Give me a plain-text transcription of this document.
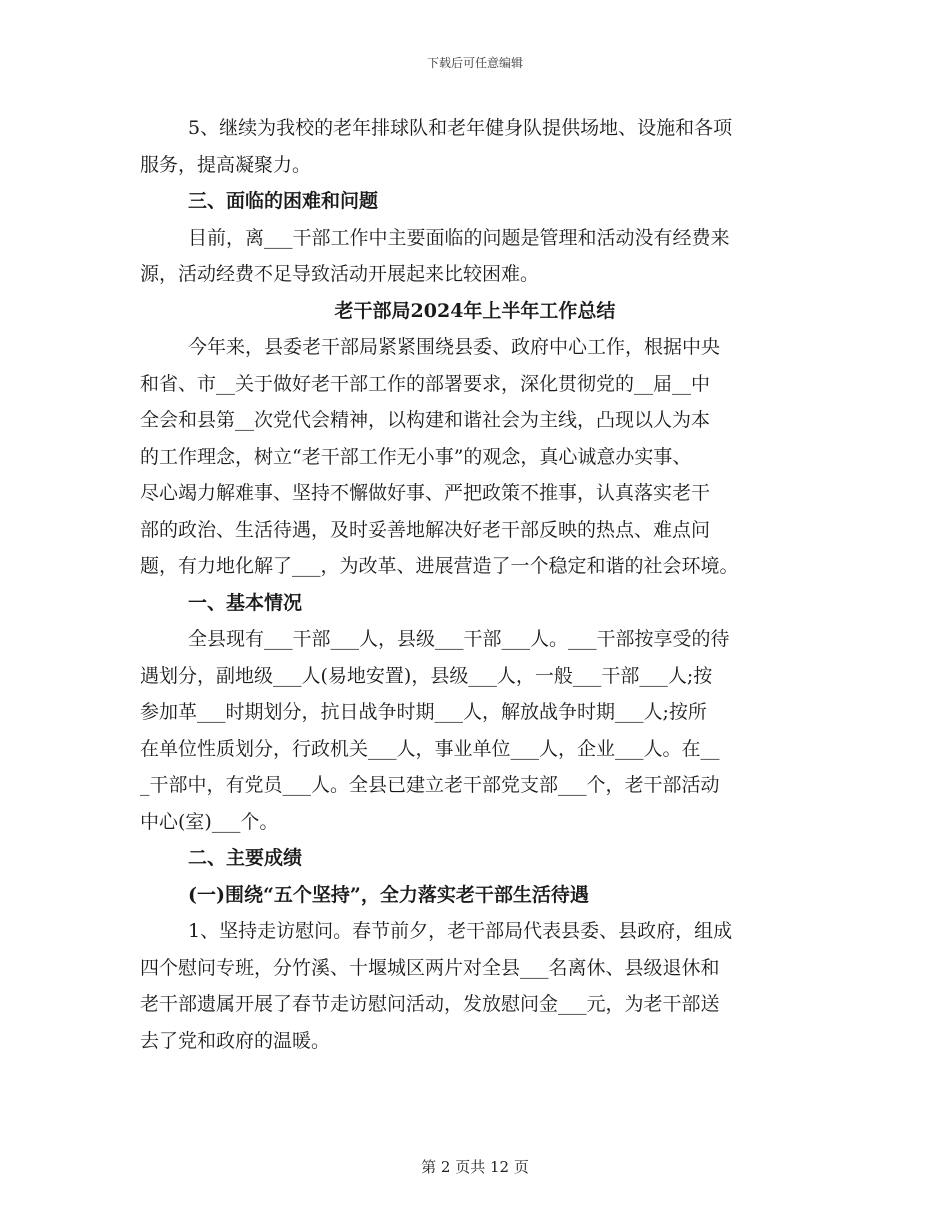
下载后可任意编辑
5、继续为我校的老年排球队和老年健身队提供场地、设施和各项
服务，提高凝聚力。
三、面临的困难和问题
目前，离___干部工作中主要面临的问题是管理和活动没有经费来
源，活动经费不足导致活动开展起来比较困难。
老干部局2024年上半年工作总结
今年来，县委老干部局紧紧围绕县委、政府中心工作，根据中央
和省、市__关于做好老干部工作的部署要求，深化贯彻党的__届__中
全会和县第__次党代会精神，以构建和谐社会为主线，凸现以人为本
的工作理念，树立“老干部工作无小事”的观念，真心诚意办实事、
尽心竭力解难事、坚持不懈做好事、严把政策不推事，认真落实老干
部的政治、生活待遇，及时妥善地解决好老干部反映的热点、难点问
题，有力地化解了___，为改革、进展营造了一个稳定和谐的社会环境。
一、基本情况
全县现有___干部___人，县级___干部___人。___干部按享受的待
遇划分，副地级___人(易地安置)，县级___人，一般___干部___人;按
参加革___时期划分，抗日战争时期___人，解放战争时期___人;按所
在单位性质划分，行政机关___人，事业单位___人，企业___人。在__
_干部中，有党员___人。全县已建立老干部党支部___个，老干部活动
中心(室)___个。
二、主要成绩
(一)围绕“五个坚持”，全力落实老干部生活待遇
1、坚持走访慰问。春节前夕，老干部局代表县委、县政府，组成
四个慰问专班，分竹溪、十堰城区两片对全县___名离休、县级退休和
老干部遗属开展了春节走访慰问活动，发放慰问金___元，为老干部送
去了党和政府的温暖。
第 2 页共 12 页
